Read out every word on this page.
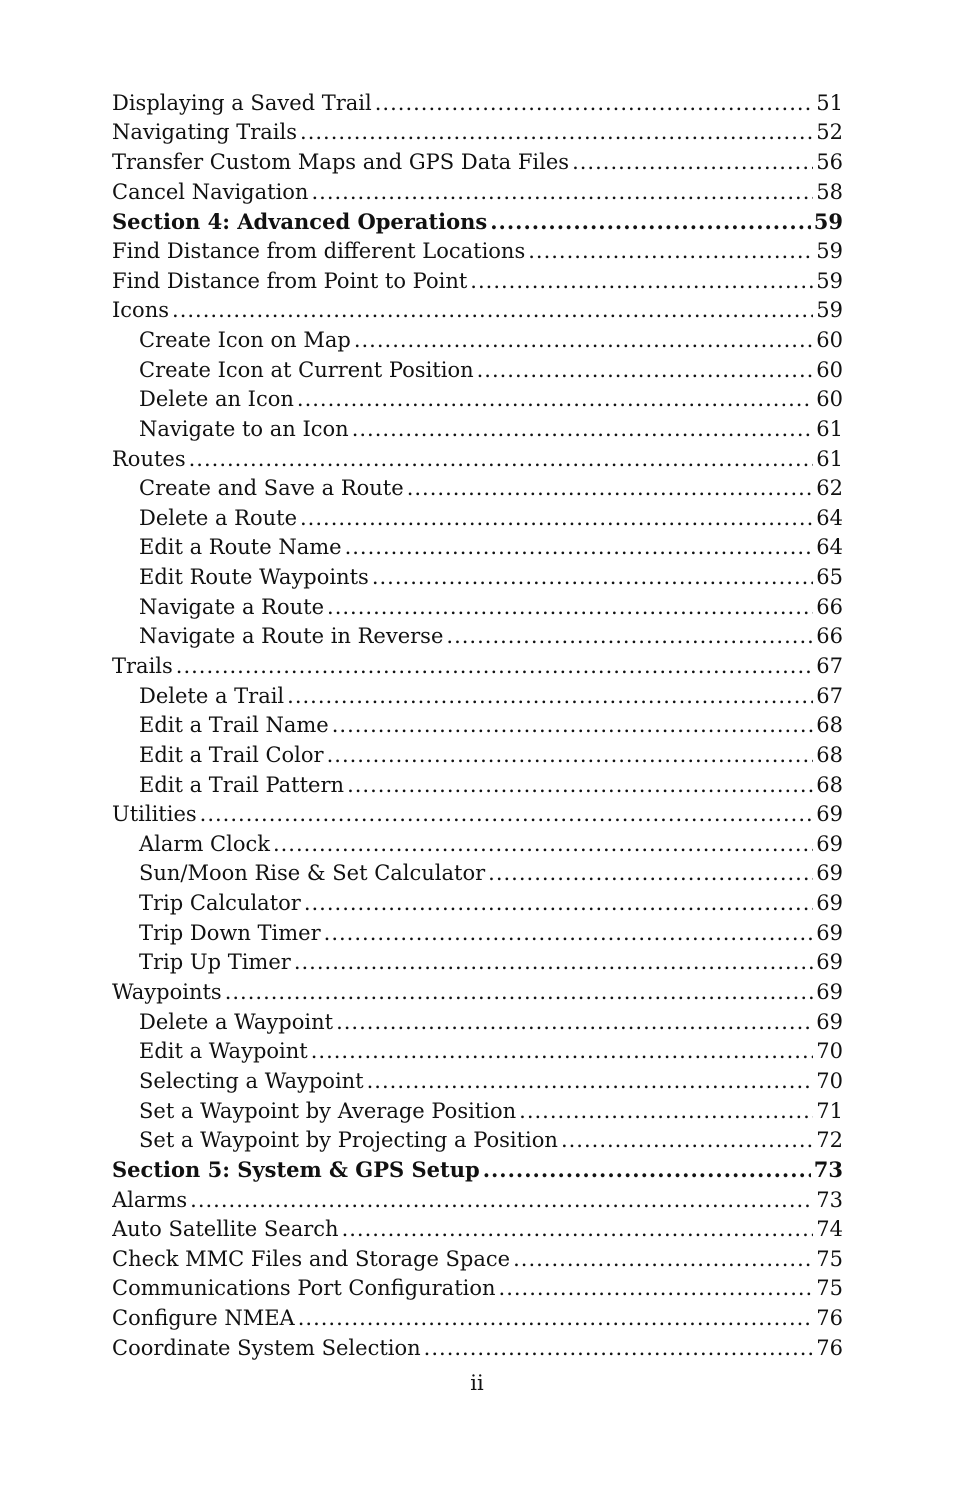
Displaying a Saved Trail .....	51
Navigating Trails .....	52
Transfer Custom Maps and GPS Data Files .....	56
Cancel Navigation .....	58
Section 4: Advanced Operations .....	59
Find Distance from different Locations .....	59
Find Distance from Point to Point .....	59
Icons .....	59
Create Icon on Map .....	60
Create Icon at Current Position .....	60
Delete an Icon .....	60
Navigate to an Icon .....	61
Routes .....	61
Create and Save a Route .....	62
Delete a Route .....	64
Edit a Route Name .....	64
Edit Route Waypoints .....	65
Navigate a Route .....	66
Navigate a Route in Reverse .....	66
Trails .....	67
Delete a Trail .....	67
Edit a Trail Name .....	68
Edit a Trail Color .....	68
Edit a Trail Pattern .....	68
Utilities .....	69
Alarm Clock .....	69
Sun/Moon Rise & Set Calculator .....	69
Trip Calculator .....	69
Trip Down Timer .....	69
Trip Up Timer .....	69
Waypoints .....	69
Delete a Waypoint .....	69
Edit a Waypoint .....	70
Selecting a Waypoint .....	70
Set a Waypoint by Average Position .....	71
Set a Waypoint by Projecting a Position .....	72
Section 5: System & GPS Setup .....	73
Alarms .....	73
Auto Satellite Search .....	74
Check MMC Files and Storage Space .....	75
Communications Port Configuration .....	75
Configure NMEA .....	76
Coordinate System Selection .....	76
ii
